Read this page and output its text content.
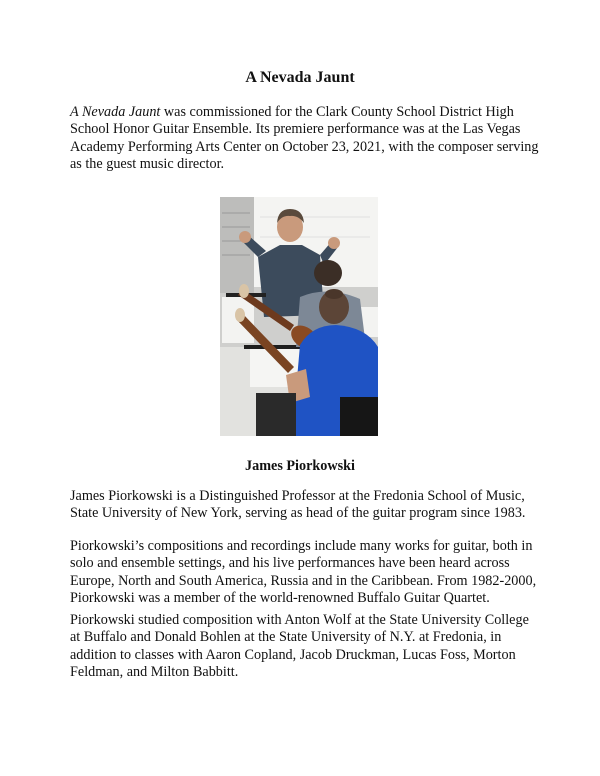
A Nevada Jaunt

A Nevada Jaunt was commissioned for the Clark County School District High School Honor Guitar Ensemble. Its premiere performance was at the Las Vegas Academy Performing Arts Center on October 23, 2021, with the composer serving as the guest music director.

James Piorkowski

James Piorkowski is a Distinguished Professor at the Fredonia School of Music, State University of New York, serving as head of the guitar program since 1983.

Piorkowski’s compositions and recordings include many works for guitar, both in solo and ensemble settings, and his live performances have been heard across Europe, North and South America, Russia and in the Caribbean. From 1982-2000, Piorkowski was a member of the world-renowned Buffalo Guitar Quartet.

Piorkowski studied composition with Anton Wolf at the State University College at Buffalo and Donald Bohlen at the State University of N.Y. at Fredonia, in addition to classes with Aaron Copland, Jacob Druckman, Lucas Foss, Morton Feldman, and Milton Babbitt.
